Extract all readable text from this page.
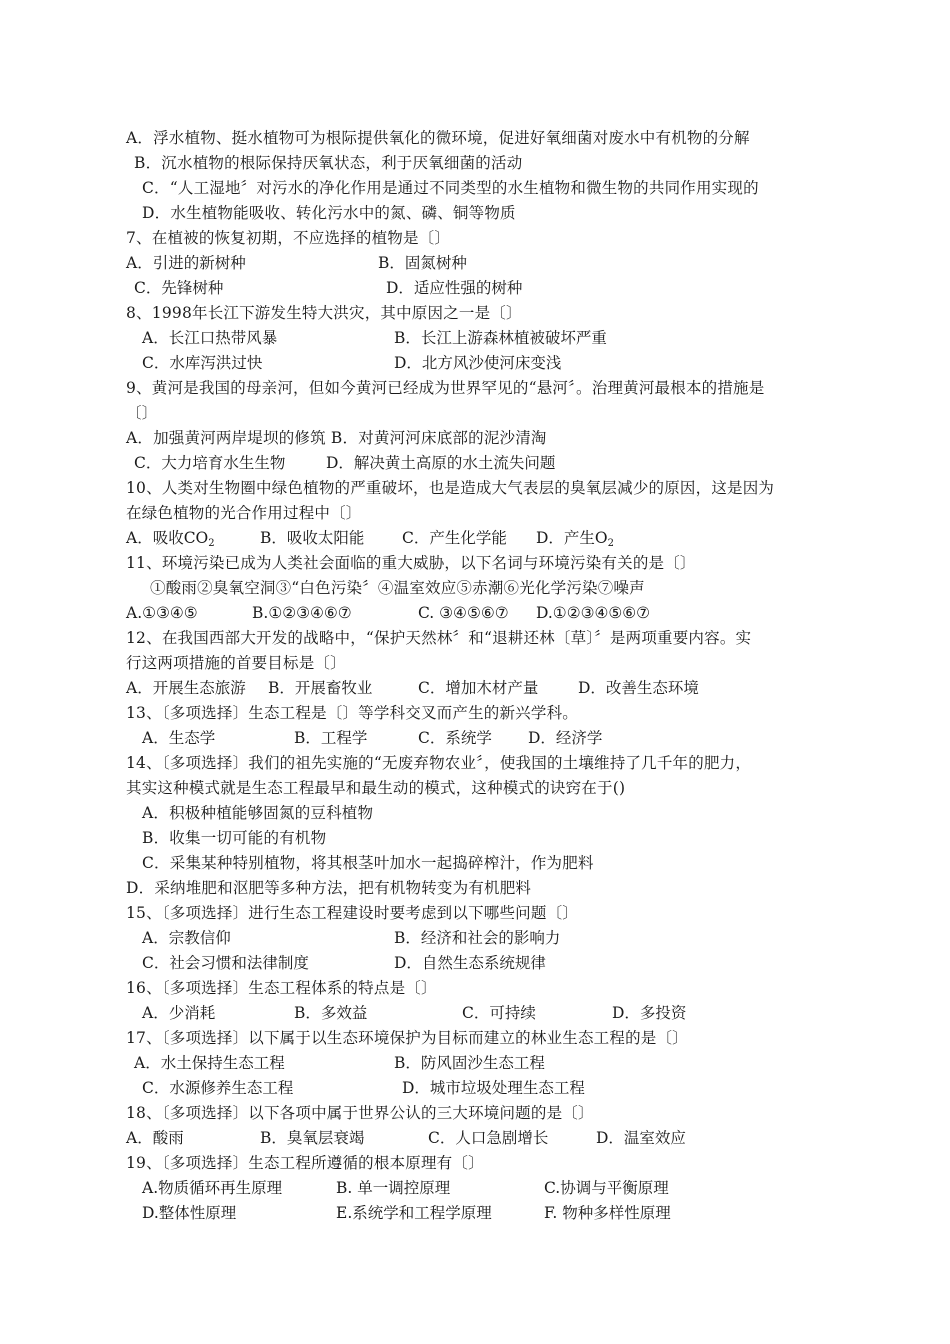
A．浮水植物、挺水植物可为根际提供氧化的微环境，促进好氧细菌对废水中有机物的分解
B．沉水植物的根际保持厌氧状态，利于厌氧细菌的活动
C．“人工湿地〞对污水的净化作用是通过不同类型的水生植物和微生物的共同作用实现的
D．水生植物能吸收、转化污水中的氮、磷、铜等物质
7、在植被的恢复初期，不应选择的植物是〔〕
A．引进的新树种	B．固氮树种
C．先锋树种	D．适应性强的树种
8、1998年长江下游发生特大洪灾，其中原因之一是〔〕
A．长江口热带风暴	B．长江上游森林植被破坏严重
C．水库泻洪过快	D．北方风沙使河床变浅
9、黄河是我国的母亲河，但如今黄河已经成为世界罕见的“悬河〞。治理黄河最根本的措施是
〔〕
A．加强黄河两岸堤坝的修筑 B．对黄河河床底部的泥沙清淘
C．大力培育水生生物	D．解决黄土高原的水土流失问题
10、人类对生物圈中绿色植物的严重破坏，也是造成大气表层的臭氧层减少的原因，这是因为
在绿色植物的光合作用过程中〔〕
A．吸收$CO_2$	B．吸收太阳能 C．产生化学能 D．产生$O_2$
11、环境污染已成为人类社会面临的重大威胁，以下名词与环境污染有关的是〔〕
①酸雨②臭氧空洞③“白色污染〞④温室效应⑤赤潮⑥光化学污染⑦噪声
A.①③④⑤	B.①②③④⑥⑦	C. ③④⑤⑥⑦ D.①②③④⑤⑥⑦
12、在我国西部大开发的战略中，“保护天然林〞和“退耕还林〔草〕〞是两项重要内容。实
行这两项措施的首要目标是〔〕
A．开展生态旅游 B．开展畜牧业	C．增加木材产量	D．改善生态环境
13、〔多项选择〕生态工程是〔〕等学科交叉而产生的新兴学科。
A．生态学	B．工程学	C．系统学 D．经济学
14、〔多项选择〕我们的祖先实施的“无废弃物农业〞，使我国的土壤维持了几千年的肥力，
其实这种模式就是生态工程最早和最生动的模式，这种模式的诀窍在于()
A．积极种植能够固氮的豆科植物
B．收集一切可能的有机物
C．采集某种特别植物，将其根茎叶加水一起捣碎榨汁，作为肥料
D．采纳堆肥和沤肥等多种方法，把有机物转变为有机肥料
15、〔多项选择〕进行生态工程建设时要考虑到以下哪些问题〔〕
A．宗教信仰	B．经济和社会的影响力
C．社会习惯和法律制度	D．自然生态系统规律
16、〔多项选择〕生态工程体系的特点是〔〕
A．少消耗	B．多效益	C．可持续	D．多投资
17、〔多项选择〕以下属于以生态环境保护为目标而建立的林业生态工程的是〔〕
A．水土保持生态工程	B．防风固沙生态工程
C．水源修养生态工程	D．城市垃圾处理生态工程
18、〔多项选择〕以下各项中属于世界公认的三大环境问题的是〔〕
A．酸雨	B．臭氧层衰竭	C．人口急剧增长	D．温室效应
19、〔多项选择〕生态工程所遵循的根本原理有〔〕
A.物质循环再生原理	B. 单一调控原理	C.协调与平衡原理
D.整体性原理	E.系统学和工程学原理	F. 物种多样性原理
